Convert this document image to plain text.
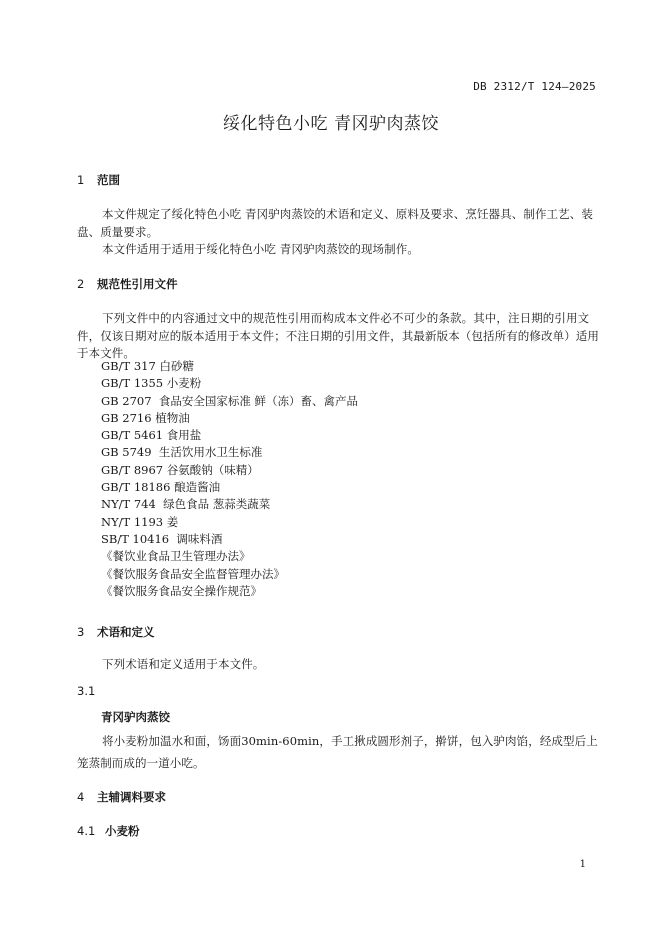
DB 2312/T 124—2025
绥化特色小吃 青冈驴肉蒸饺
1 范围

本文件规定了绥化特色小吃 青冈驴肉蒸饺的术语和定义、原料及要求、烹饪器具、制作工艺、装盘、质量要求。

本文件适用于适用于绥化特色小吃 青冈驴肉蒸饺的现场制作。

2 规范性引用文件

下列文件中的内容通过文中的规范性引用而构成本文件必不可少的条款。其中，注日期的引用文件，仅该日期对应的版本适用于本文件；不注日期的引用文件，其最新版本（包括所有的修改单）适用于本文件。

GB/T 317 白砂糖
GB/T 1355 小麦粉
GB 2707  食品安全国家标准 鲜（冻）畜、禽产品
GB 2716 植物油
GB/T 5461 食用盐
GB 5749  生活饮用水卫生标准
GB/T 8967 谷氨酸钠（味精）
GB/T 18186 酿造酱油
NY/T 744  绿色食品 葱蒜类蔬菜
NY/T 1193 姜
SB/T 10416  调味料酒
《餐饮业食品卫生管理办法》
《餐饮服务食品安全监督管理办法》
《餐饮服务食品安全操作规范》
3 术语和定义

下列术语和定义适用于本文件。

3.1
青冈驴肉蒸饺

将小麦粉加温水和面，饧面30min-60min，手工揪成圆形剂子，擀饼，包入驴肉馅，经成型后上笼蒸制而成的一道小吃。

4 主辅调料要求
4.1 小麦粉
1
